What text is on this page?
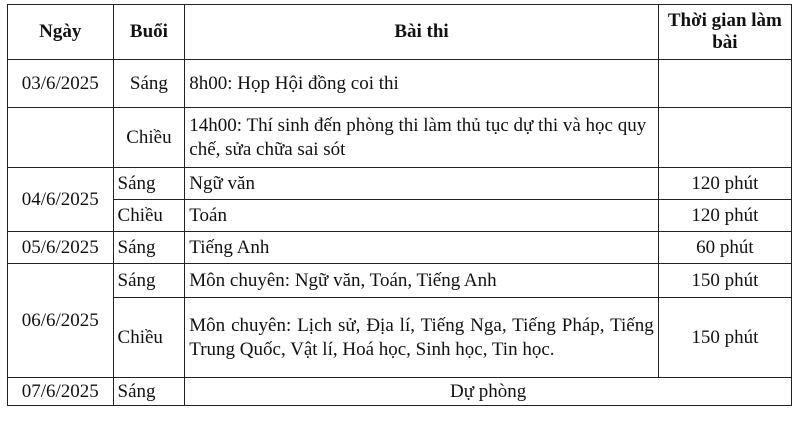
Ngày	Buổi	Bài thi	Thời gian làm bài
03/6/2025	Sáng	8h00: Họp Hội đồng coi thi	
	Chiều	14h00: Thí sinh đến phòng thi làm thủ tục dự thi và học quy chế, sửa chữa sai sót	
04/6/2025	Sáng	Ngữ văn	120 phút
	Chiều	Toán	120 phút
05/6/2025	Sáng	Tiếng Anh	60 phút
06/6/2025	Sáng	Môn chuyên: Ngữ văn, Toán, Tiếng Anh	150 phút
	Chiều	Môn chuyên: Lịch sử, Địa lí, Tiếng Nga, Tiếng Pháp, Tiếng Trung Quốc, Vật lí, Hoá học, Sinh học, Tin học.	150 phút
07/6/2025	Sáng	Dự phòng	
